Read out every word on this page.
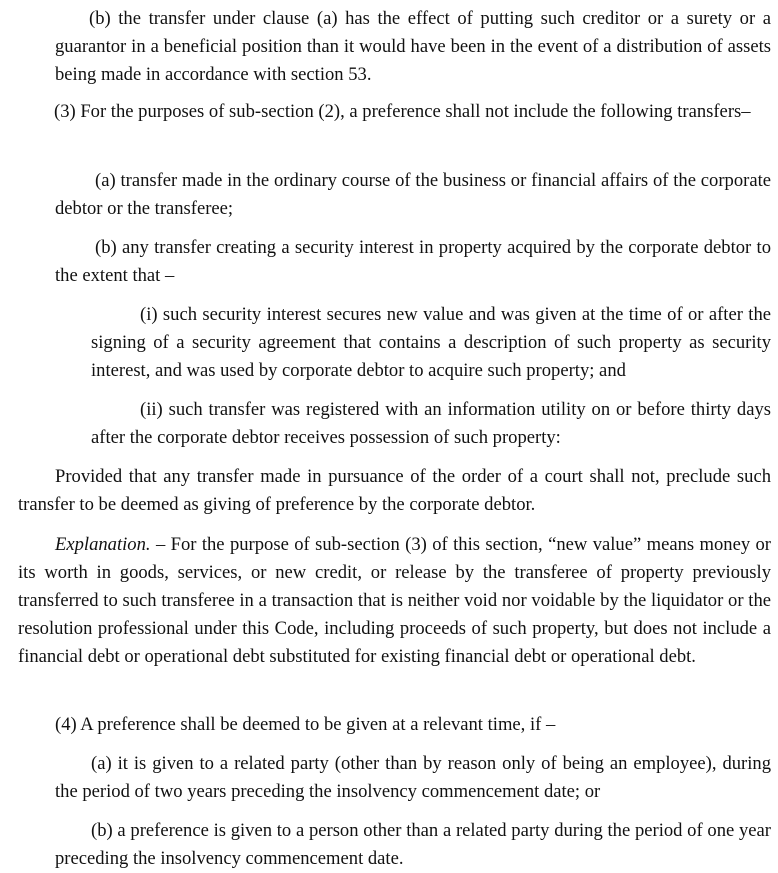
(b) the transfer under clause (a) has the effect of putting such creditor or a surety or a guarantor in a beneficial position than it would have been in the event of a distribution of assets being made in accordance with section 53.

(3) For the purposes of sub-section (2), a preference shall not include the following transfers–

(a) transfer made in the ordinary course of the business or financial affairs of the corporate debtor or the transferee;

(b) any transfer creating a security interest in property acquired by the corporate debtor to the extent that –

(i) such security interest secures new value and was given at the time of or after the signing of a security agreement that contains a description of such property as security interest, and was used by corporate debtor to acquire such property; and

(ii) such transfer was registered with an information utility on or before thirty days after the corporate debtor receives possession of such property:

Provided that any transfer made in pursuance of the order of a court shall not, preclude such transfer to be deemed as giving of preference by the corporate debtor.

Explanation. – For the purpose of sub-section (3) of this section, “new value” means money or its worth in goods, services, or new credit, or release by the transferee of property previously transferred to such transferee in a transaction that is neither void nor voidable by the liquidator or the resolution professional under this Code, including proceeds of such property, but does not include a financial debt or operational debt substituted for existing financial debt or operational debt.

(4) A preference shall be deemed to be given at a relevant time, if –

(a) it is given to a related party (other than by reason only of being an employee), during the period of two years preceding the insolvency commencement date; or

(b) a preference is given to a person other than a related party during the period of one year preceding the insolvency commencement date.
